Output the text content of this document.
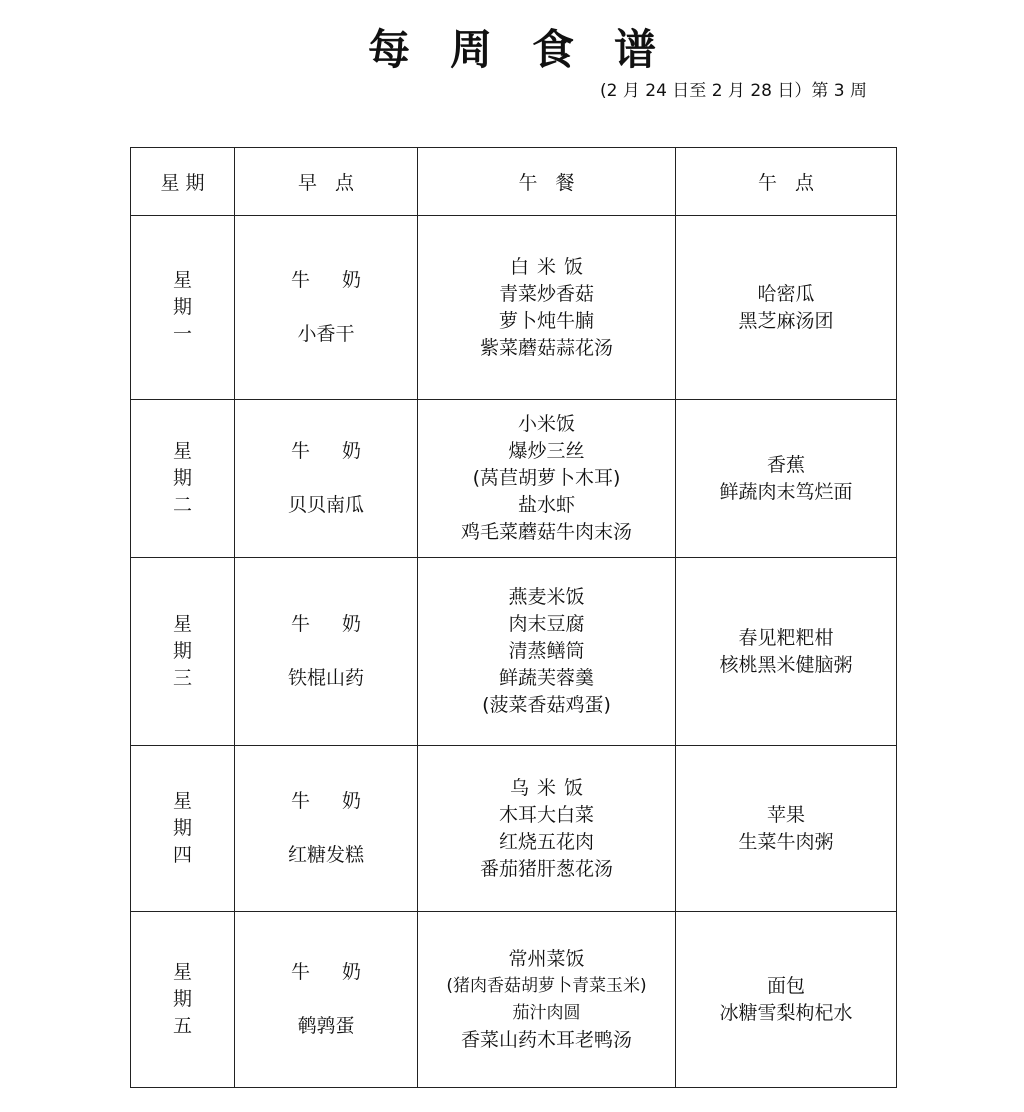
每周食谱
(2 月 24 日至 2 月 28 日）第 3 周
星期	早点	午餐	午点

星
期
一	牛奶
小香干	白米饭
青菜炒香菇
萝卜炖牛腩
紫菜蘑菇蒜花汤	哈密瓜
黑芝麻汤团

星
期
二	牛奶
贝贝南瓜	小米饭
爆炒三丝
(莴苣胡萝卜木耳)
盐水虾
鸡毛菜蘑菇牛肉末汤	香蕉
鲜蔬肉末笃烂面

星
期
三	牛奶
铁棍山药	燕麦米饭
肉末豆腐
清蒸鳝筒
鲜蔬芙蓉羹
(菠菜香菇鸡蛋)	春见粑粑柑
核桃黑米健脑粥

星
期
四	牛奶
红糖发糕	乌米饭
木耳大白菜
红烧五花肉
番茄猪肝葱花汤	苹果
生菜牛肉粥

星
期
五	牛奶
鹌鹑蛋	常州菜饭
(猪肉香菇胡萝卜青菜玉米)
茄汁肉圆
香菜山药木耳老鸭汤	面包
冰糖雪梨枸杞水
